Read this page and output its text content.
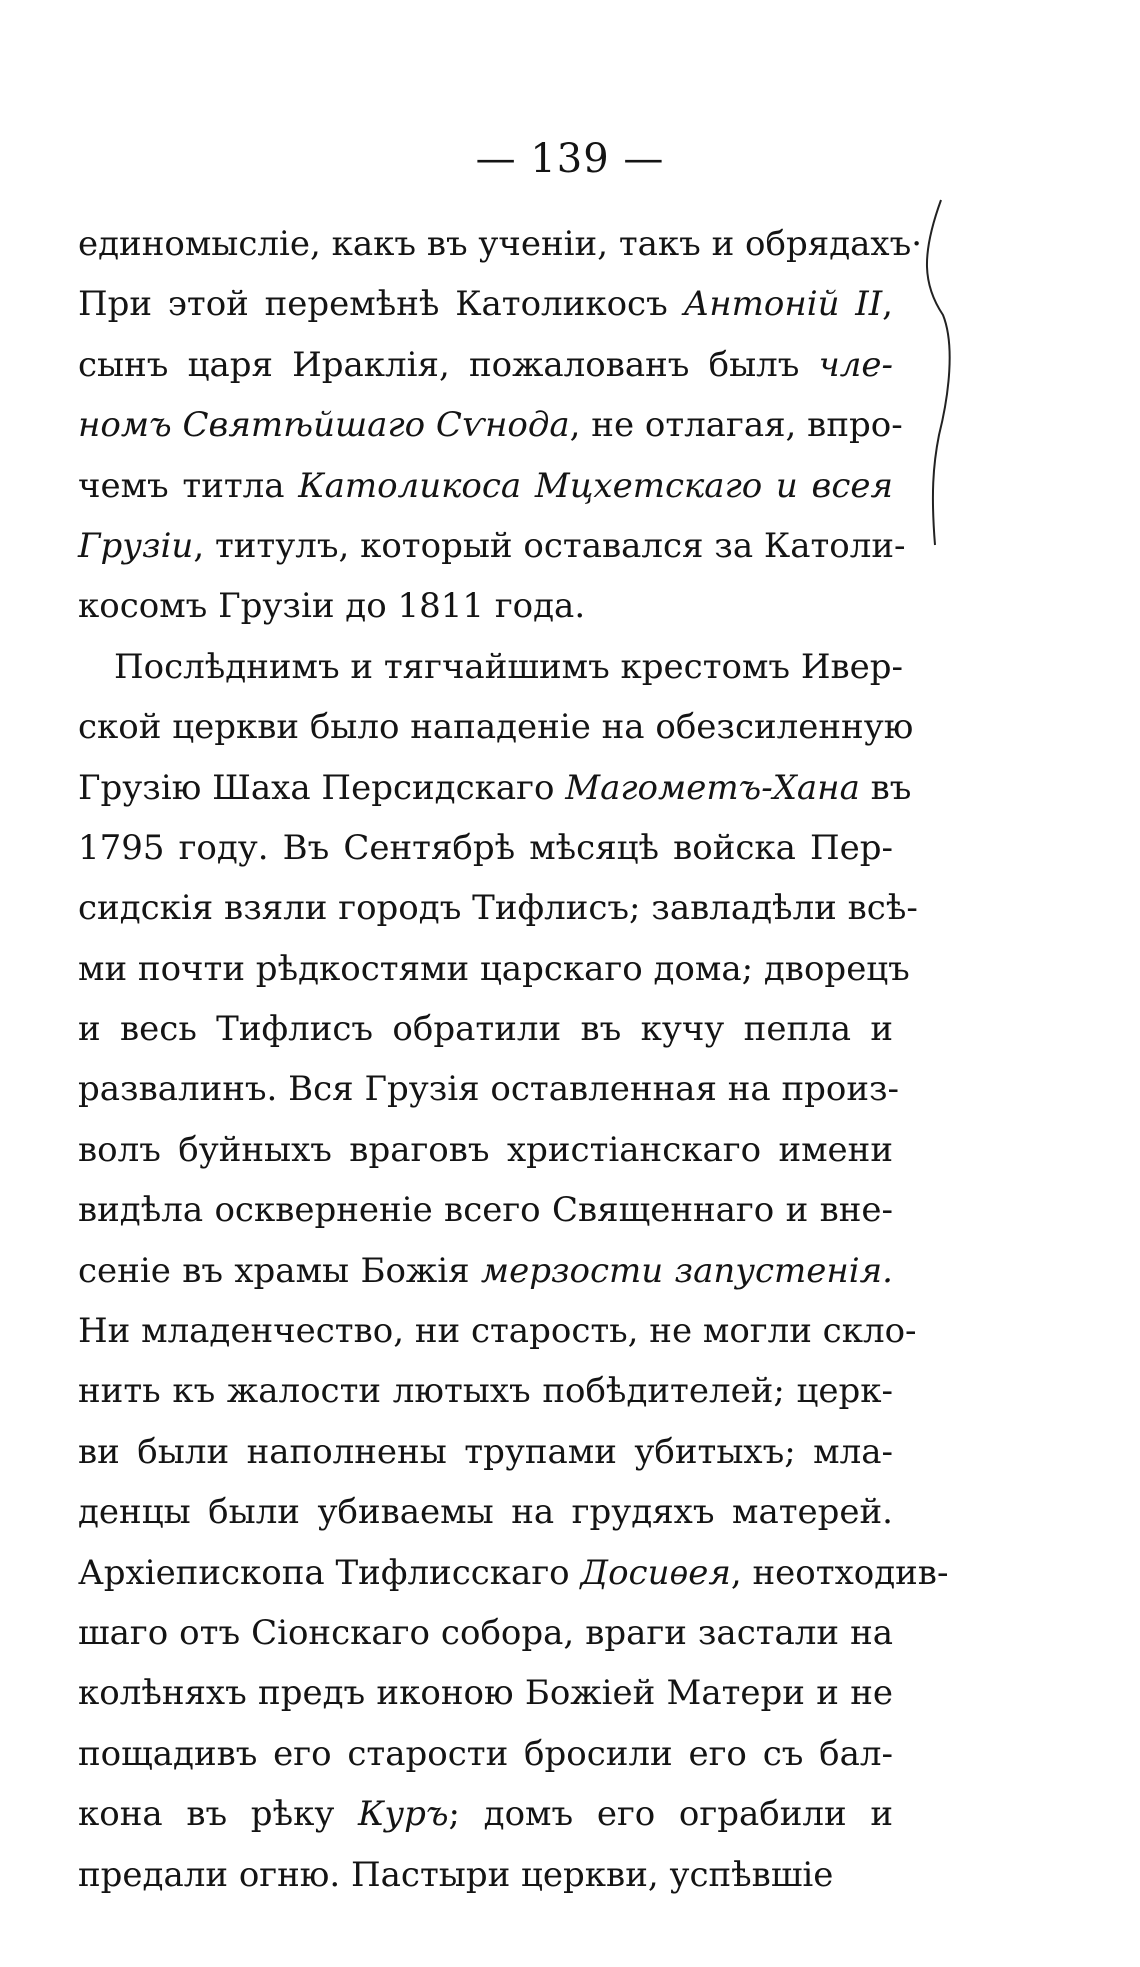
— 139 —
единомысліе, какъ въ ученіи, такъ и обрядахъ·
При этой перемѣнѣ Католикосъ Антоній II,
сынъ царя Ираклія, пожалованъ былъ чле-
номъ Святѣйшаго Сѵнода, не отлагая, впро-
чемъ титла Католикоса Мцхетскаго и всея
Грузіи, титулъ, который оставался за Католи-
косомъ Грузіи до 1811 года.
Послѣднимъ и тягчайшимъ крестомъ Ивер-
ской церкви было нападеніе на обезсиленную
Грузію Шаха Персидскаго Магометъ-Хана въ
1795 году. Въ Сентябрѣ мѣсяцѣ войска Пер-
сидскія взяли городъ Тифлисъ; завладѣли всѣ-
ми почти рѣдкостями царскаго дома; дворецъ
и весь Тифлисъ обратили въ кучу пепла и
развалинъ. Вся Грузія оставленная на произ-
волъ буйныхъ враговъ христіанскаго имени
видѣла оскверненіе всего Священнаго и вне-
сеніе въ храмы Божія мерзости запустенія.
Ни младенчество, ни старость, не могли скло-
нить къ жалости лютыхъ побѣдителей; церк-
ви были наполнены трупами убитыхъ; мла-
денцы были убиваемы на грудяхъ матерей.
Архіепископа Тифлисскаго Досиѳея, неотходив-
шаго отъ Сіонскаго собора, враги застали на
колѣняхъ предъ иконою Божіей Матери и не
пощадивъ его старости бросили его съ бал-
кона въ рѣку Куръ; домъ его ограбили и
предали огню. Пастыри церкви, успѣвшіе
